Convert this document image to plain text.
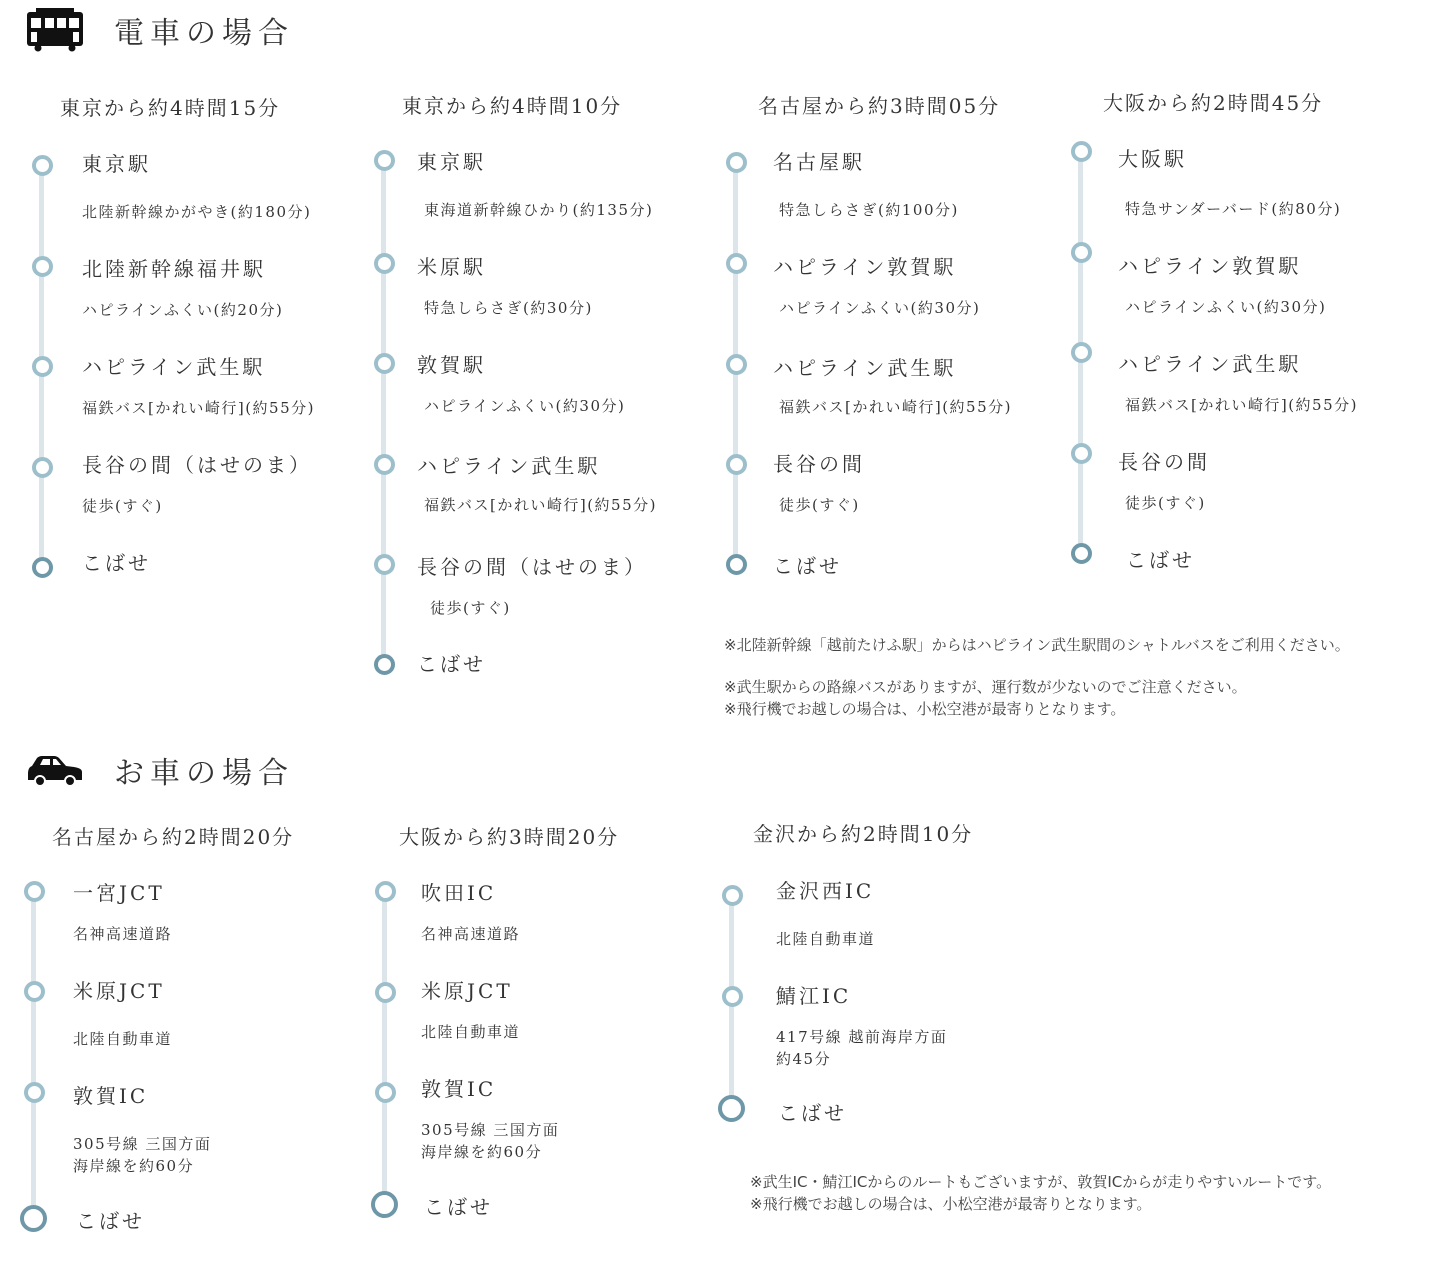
電車の場合
東京から約4時間15分
東京駅
北陸新幹線かがやき(約180分)
北陸新幹線福井駅
ハピラインふくい(約20分)
ハピライン武生駅
福鉄バス[かれい崎行](約55分)
長谷の間（はせのま）
徒歩(すぐ)
こばせ
東京から約4時間10分
東京駅
東海道新幹線ひかり(約135分)
米原駅
特急しらさぎ(約30分)
敦賀駅
ハピラインふくい(約30分)
ハピライン武生駅
福鉄バス[かれい崎行](約55分)
長谷の間（はせのま）
徒歩(すぐ)
こばせ
名古屋から約3時間05分
名古屋駅
特急しらさぎ(約100分)
ハピライン敦賀駅
ハピラインふくい(約30分)
ハピライン武生駅
福鉄バス[かれい崎行](約55分)
長谷の間
徒歩(すぐ)
こばせ
大阪から約2時間45分
大阪駅
特急サンダーバード(約80分)
ハピライン敦賀駅
ハピラインふくい(約30分)
ハピライン武生駅
福鉄バス[かれい崎行](約55分)
長谷の間
徒歩(すぐ)
こばせ
※北陸新幹線「越前たけふ駅」からはハピライン武生駅間のシャトルバスをご利用ください。
※武生駅からの路線バスがありますが、運行数が少ないのでご注意ください。
※飛行機でお越しの場合は、小松空港が最寄りとなります。
お車の場合
名古屋から約2時間20分
一宮JCT
名神高速道路
米原JCT
北陸自動車道
敦賀IC
305号線 三国方面
海岸線を約60分
こばせ
大阪から約3時間20分
吹田IC
名神高速道路
米原JCT
北陸自動車道
敦賀IC
305号線 三国方面
海岸線を約60分
こばせ
金沢から約2時間10分
金沢西IC
北陸自動車道
鯖江IC
417号線 越前海岸方面
約45分
こばせ
※武生IC・鯖江ICからのルートもございますが、敦賀ICからが走りやすいルートです。
※飛行機でお越しの場合は、小松空港が最寄りとなります。
